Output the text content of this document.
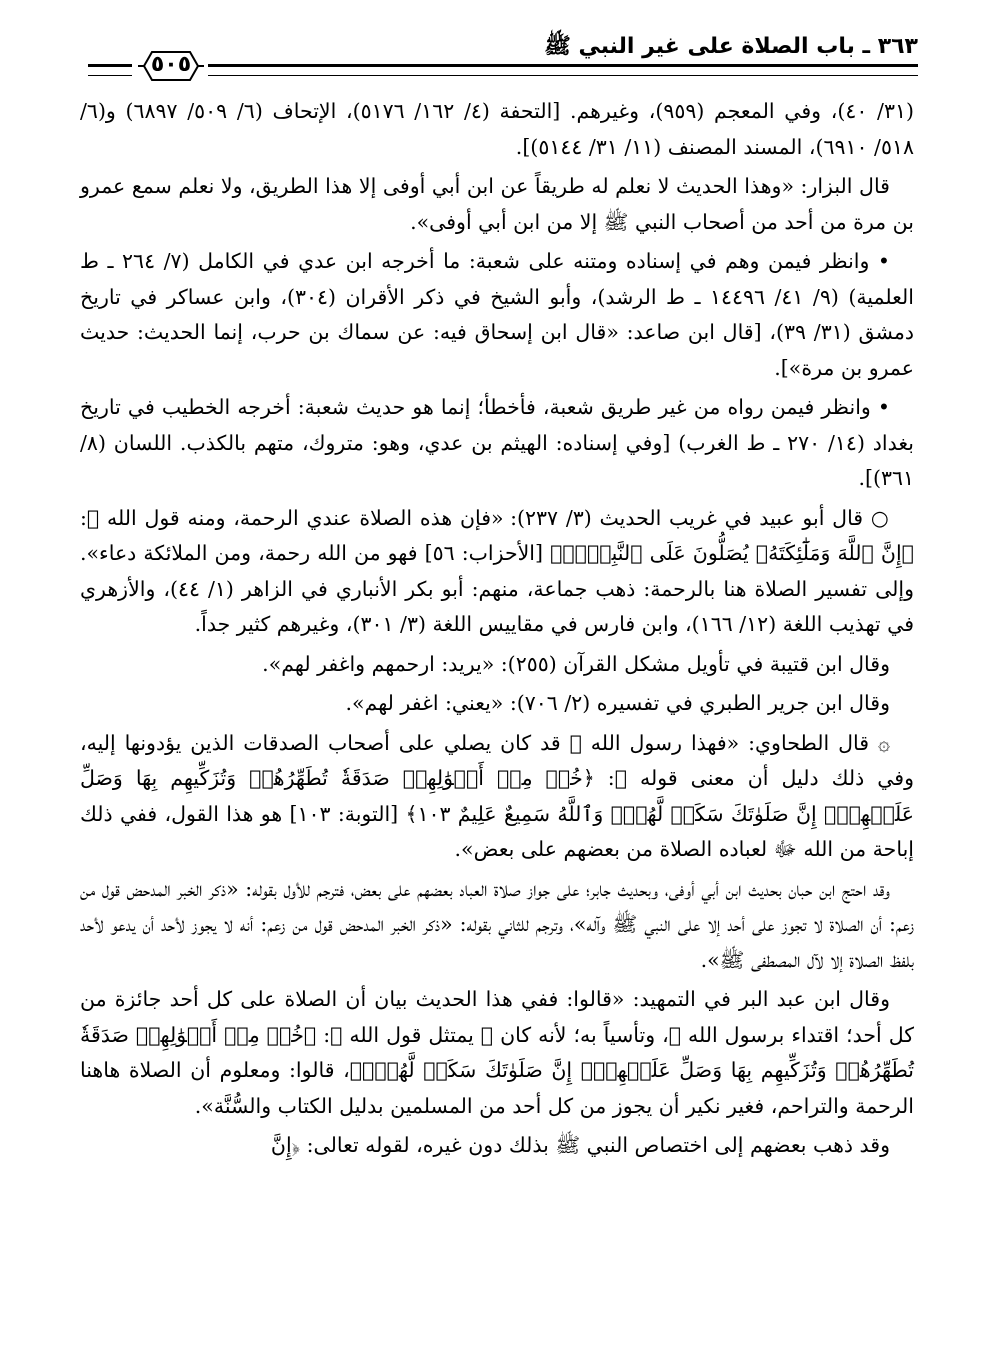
٣٦٣ ـ باب الصلاة على غير النبي ﷺ
٥٠٥

(٣١/ ٤٠)، وفي المعجم (٩٥٩)، وغيرهم. [التحفة (٤/ ١٦٢/ ٥١٧٦)، الإتحاف (٦/ ٥٠٩/ ٦٨٩٧) و(٦/ ٥١٨/ ٦٩١٠)، المسند المصنف (١١/ ٣١/ ٥١٤٤)].

قال البزار: «وهذا الحديث لا نعلم له طريقاً عن ابن أبي أوفى إلا هذا الطريق، ولا نعلم سمع عمرو بن مرة من أحد من أصحاب النبي ﷺ إلا من ابن أبي أوفى».

• وانظر فيمن وهم في إسناده ومتنه على شعبة: ما أخرجه ابن عدي في الكامل (٧/ ٢٦٤ ـ ط العلمية) (٩/ ٤١/ ١٤٤٩٦ ـ ط الرشد)، وأبو الشيخ في ذكر الأقران (٣٠٤)، وابن عساكر في تاريخ دمشق (٣١/ ٣٩)، [قال ابن صاعد: «قال ابن إسحاق فيه: عن سماك بن حرب، إنما الحديث: حديث عمرو بن مرة»].

• وانظر فيمن رواه من غير طريق شعبة، فأخطأ؛ إنما هو حديث شعبة: أخرجه الخطيب في تاريخ بغداد (١٤/ ٢٧٠ ـ ط الغرب) [وفي إسناده: الهيثم بن عدي، وهو: متروك، متهم بالكذب. اللسان (٨/ ٣٦١)].

○ قال أبو عبيد في غريب الحديث (٣/ ٢٣٧): «فإن هذه الصلاة عندي الرحمة، ومنه قول الله ﷻ: ﴿إِنَّ ٱللَّهَ وَمَلَٰٓئِكَتَهُۥ يُصَلُّونَ عَلَى ٱلنَّبِيِّۚ﴾ [الأحزاب: ٥٦] فهو من الله رحمة، ومن الملائكة دعاء». وإلى تفسير الصلاة هنا بالرحمة: ذهب جماعة، منهم: أبو بكر الأنباري في الزاهر (١/ ٤٤)، والأزهري في تهذيب اللغة (١٢/ ١٦٦)، وابن فارس في مقاييس اللغة (٣/ ٣٠١)، وغيرهم كثير جداً.

وقال ابن قتيبة في تأويل مشكل القرآن (٢٥٥): «يريد: ارحمهم واغفر لهم».

وقال ابن جرير الطبري في تفسيره (٢/ ٧٠٦): «يعني: اغفر لهم».

۞ قال الطحاوي: «فهذا رسول الله ﷺ قد كان يصلي على أصحاب الصدقات الذين يؤدونها إليه، وفي ذلك دليل أن معنى قوله ﷻ: ﴿خُذۡ مِنۡ أَمۡوَٰلِهِمۡ صَدَقَةٗ تُطَهِّرُهُمۡ وَتُزَكِّيهِم بِهَا وَصَلِّ عَلَيۡهِمۡۖ إِنَّ صَلَوٰتَكَ سَكَنٞ لَّهُمۡۗ وَٱللَّهُ سَمِيعٌ عَلِيمٌ ١٠٣﴾ [التوبة: ١٠٣] هو هذا القول، ففي ذلك إباحة من الله ﷻ لعباده الصلاة من بعضهم على بعض».

وقد احتج ابن حبان بحديث ابن أبي أوفى، وبحديث جابر؛ على جواز صلاة العباد بعضهم على بعض، فترجم للأول بقوله: «ذكر الخبر المدحض قول من زعم: أن الصلاة لا تجوز على أحد إلا على النبي ﷺ وآله»، وترجم للثاني بقوله: «ذكر الخبر المدحض قول من زعم: أنه لا يجوز لأحد أن يدعو لأحد بلفظ الصلاة إلا لآل المصطفى ﷺ».

وقال ابن عبد البر في التمهيد: «قالوا: ففي هذا الحديث بيان أن الصلاة على كل أحد جائزة من كل أحد؛ اقتداء برسول الله ﷺ، وتأسياً به؛ لأنه كان ﷺ يمتثل قول الله ﷻ: ﴿خُذۡ مِنۡ أَمۡوَٰلِهِمۡ صَدَقَةٗ تُطَهِّرُهُمۡ وَتُزَكِّيهِم بِهَا وَصَلِّ عَلَيۡهِمۡۖ إِنَّ صَلَوٰتَكَ سَكَنٞ لَّهُمۡۗ﴾، قالوا: ومعلوم أن الصلاة هاهنا الرحمة والتراحم، فغير نكير أن يجوز من كل أحد من المسلمين بدليل الكتاب والسُّنَّة».

وقد ذهب بعضهم إلى اختصاص النبي ﷺ بذلك دون غيره، لقوله تعالى: ﴿إِنَّ
